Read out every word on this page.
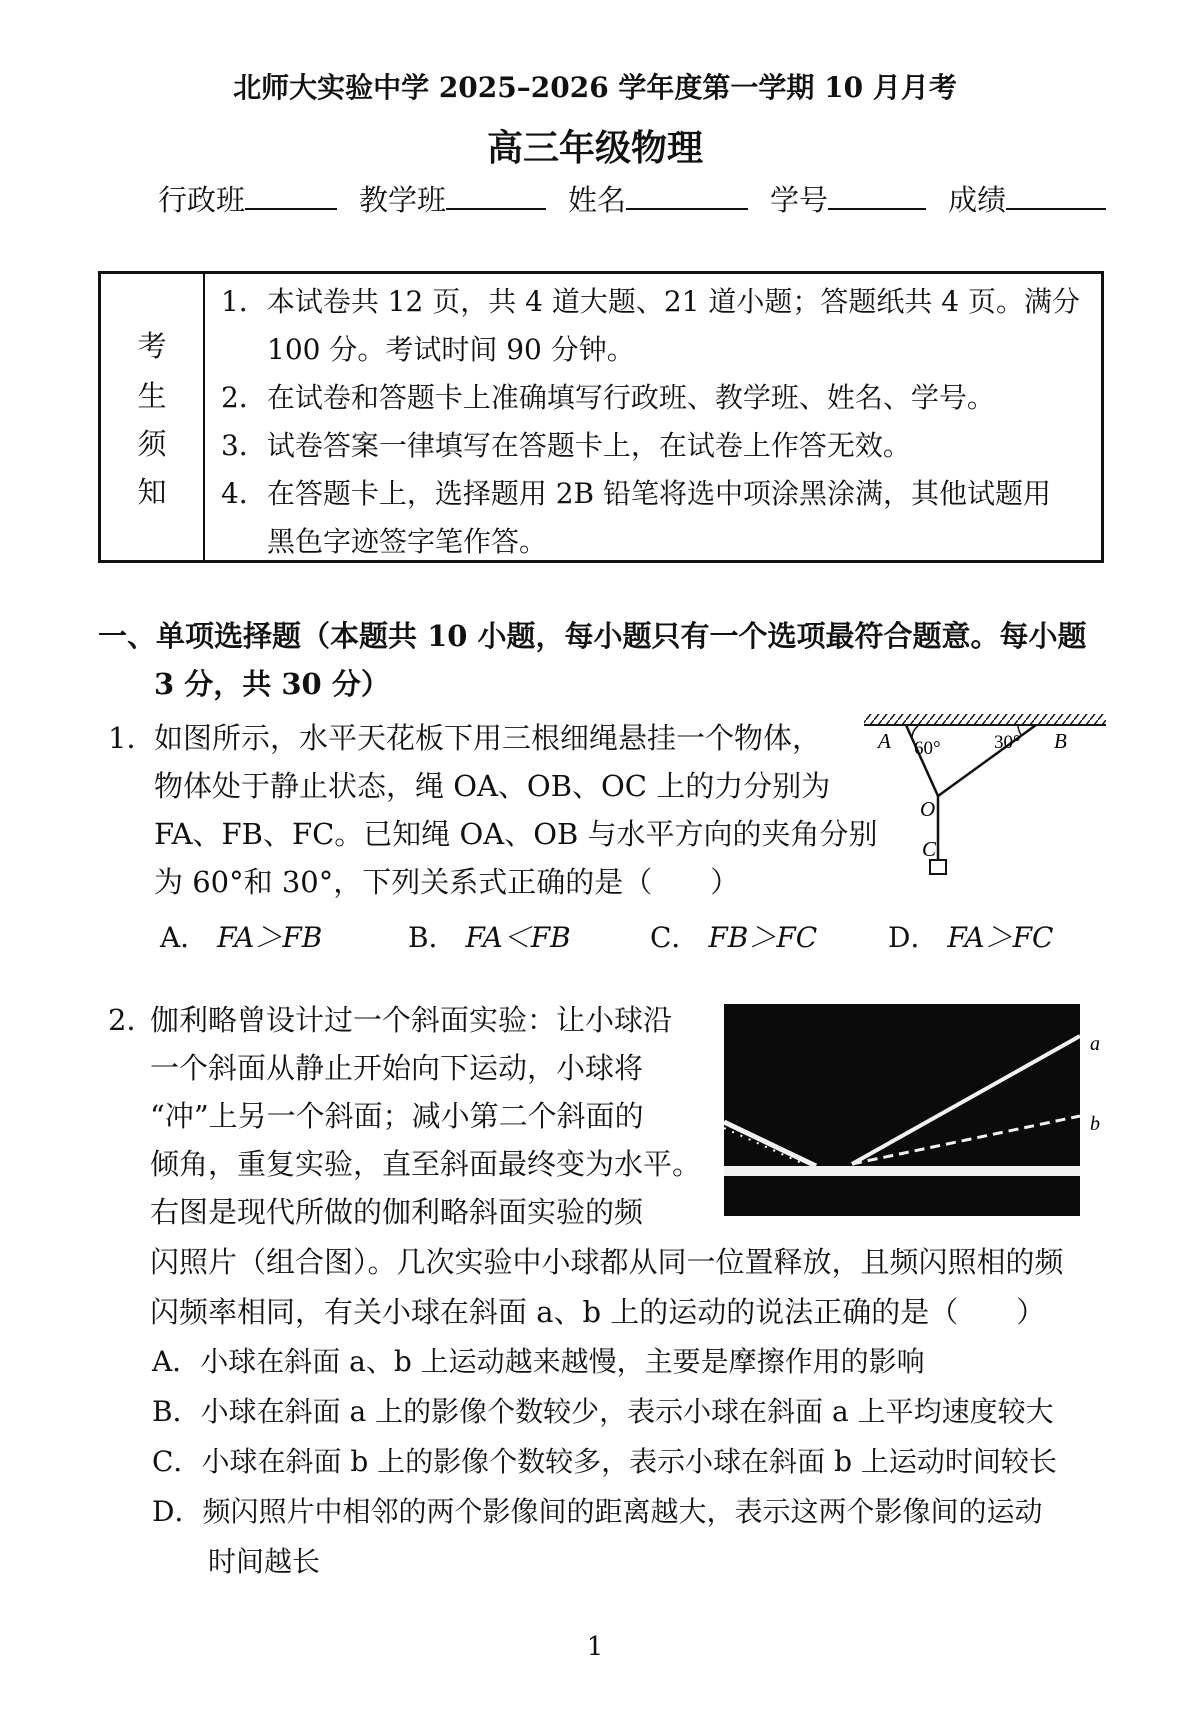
北师大实验中学 2025–2026 学年度第一学期 10 月月考
高三年级物理
行政班	教学班	姓名	学号	成绩
考
生
须
知
1．本试卷共 12 页，共 4 道大题、21 道小题；答题纸共 4 页。满分
100 分。考试时间 90 分钟。
2．在试卷和答题卡上准确填写行政班、教学班、姓名、学号。
3．试卷答案一律填写在答题卡上，在试卷上作答无效。
4．在答题卡上，选择题用 2B 铅笔将选中项涂黑涂满，其他试题用
黑色字迹签字笔作答。
一、单项选择题（本题共 10 小题，每小题只有一个选项最符合题意。每小题
3 分，共 30 分）
1．
如图所示，水平天花板下用三根细绳悬挂一个物体，
物体处于静止状态，绳 OA、OB、OC 上的力分别为
FA、FB、FC。已知绳 OA、OB 与水平方向的夹角分别
为 60°和 30°，下列关系式正确的是（　　）
A． FA＞FB	B． FA＜FB	C． FB＞FC	D． FA＞FC
A 60°	30° B
O
C
2．
伽利略曾设计过一个斜面实验：让小球沿
一个斜面从静止开始向下运动，小球将
“冲”上另一个斜面；减小第二个斜面的
倾角，重复实验，直至斜面最终变为水平。
右图是现代所做的伽利略斜面实验的频
闪照片（组合图）。几次实验中小球都从同一位置释放，且频闪照相的频
闪频率相同，有关小球在斜面 a、b 上的运动的说法正确的是（　　）
A．小球在斜面 a、b 上运动越来越慢，主要是摩擦作用的影响
B．小球在斜面 a 上的影像个数较少，表示小球在斜面 a 上平均速度较大
C．小球在斜面 b 上的影像个数较多，表示小球在斜面 b 上运动时间较长
D．频闪照片中相邻的两个影像间的距离越大，表示这两个影像间的运动
时间越长
a
b
1
